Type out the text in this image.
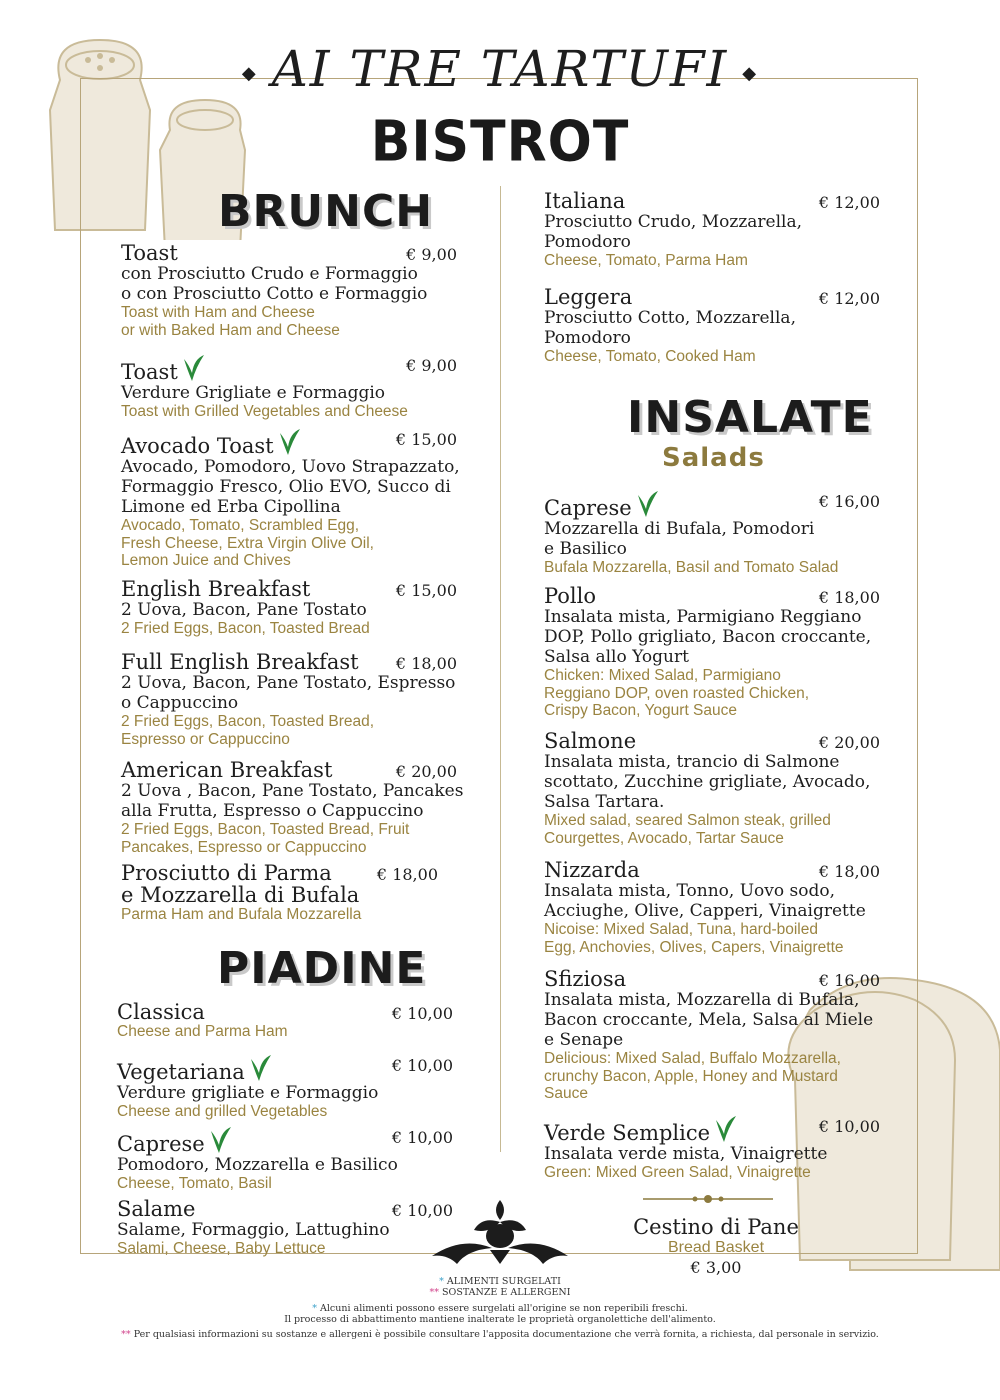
◆ AI TRE TARTUFI ◆
BISTROT
BRUNCH
PIADINE
INSALATE
Salads
Toast
con Prosciutto Crudo e Formaggio
o con Prosciutto Cotto e Formaggio
Toast with Ham and Cheese
or with Baked Ham and Cheese
€ 9,00
Toast
Verdure Grigliate e Formaggio
Toast with Grilled Vegetables and Cheese
€ 9,00
Avocado Toast
Avocado, Pomodoro, Uovo Strapazzato,
Formaggio Fresco, Olio EVO, Succo di
Limone ed Erba Cipollina
Avocado, Tomato, Scrambled Egg,
Fresh Cheese, Extra Virgin Olive Oil,
Lemon Juice and Chives
€ 15,00
English Breakfast
2 Uova, Bacon, Pane Tostato
2 Fried Eggs, Bacon, Toasted Bread
€ 15,00
Full English Breakfast
2 Uova, Bacon, Pane Tostato, Espresso
o Cappuccino
2 Fried Eggs, Bacon, Toasted Bread,
Espresso or Cappuccino
€ 18,00
American Breakfast
2 Uova , Bacon, Pane Tostato, Pancakes
alla Frutta, Espresso o Cappuccino
2 Fried Eggs, Bacon, Toasted Bread, Fruit
Pancakes, Espresso or Cappuccino
€ 20,00
Prosciutto di Parma
e Mozzarella di Bufala
Parma Ham and Bufala Mozzarella
€ 18,00
Classica
Cheese and Parma Ham
€ 10,00
Vegetariana
Verdure grigliate e Formaggio
Cheese and grilled Vegetables
€ 10,00
Caprese
Pomodoro, Mozzarella e Basilico
Cheese, Tomato, Basil
€ 10,00
Salame
Salame, Formaggio, Lattughino
Salami, Cheese, Baby Lettuce
€ 10,00
Italiana
Prosciutto Crudo, Mozzarella,
Pomodoro
Cheese, Tomato, Parma Ham
€ 12,00
Leggera
Prosciutto Cotto, Mozzarella,
Pomodoro
Cheese, Tomato, Cooked Ham
€ 12,00
Caprese
Mozzarella di Bufala, Pomodori
e Basilico
Bufala Mozzarella, Basil and Tomato Salad
€ 16,00
Pollo
Insalata mista, Parmigiano Reggiano
DOP, Pollo grigliato, Bacon croccante,
Salsa allo Yogurt
Chicken: Mixed Salad, Parmigiano
Reggiano DOP, oven roasted Chicken,
Crispy Bacon, Yogurt Sauce
€ 18,00
Salmone
Insalata mista, trancio di Salmone
scottato, Zucchine grigliate, Avocado,
Salsa Tartara.
Mixed salad, seared Salmon steak, grilled
Courgettes, Avocado, Tartar Sauce
€ 20,00
Nizzarda
Insalata mista, Tonno, Uovo sodo,
Acciughe, Olive, Capperi, Vinaigrette
Nicoise: Mixed Salad, Tuna, hard-boiled
Egg, Anchovies, Olives, Capers, Vinaigrette
€ 18,00
Sfiziosa
Insalata mista, Mozzarella di Bufala,
Bacon croccante, Mela, Salsa al Miele
e Senape
Delicious: Mixed Salad, Buffalo Mozzarella,
crunchy Bacon, Apple, Honey and Mustard
Sauce
€ 16,00
Verde Semplice
Insalata verde mista, Vinaigrette
Green: Mixed Green Salad, Vinaigrette
€ 10,00
Cestino di Pane
Bread Basket
€ 3,00
* ALIMENTI SURGELATI
** SOSTANZE E ALLERGENI
* Alcuni alimenti possono essere surgelati all'origine se non reperibili freschi.
Il processo di abbattimento mantiene inalterate le proprietà organolettiche dell'alimento.
** Per qualsiasi informazioni su sostanze e allergeni è possibile consultare l'apposita documentazione che verrà fornita, a richiesta, dal personale in servizio.
